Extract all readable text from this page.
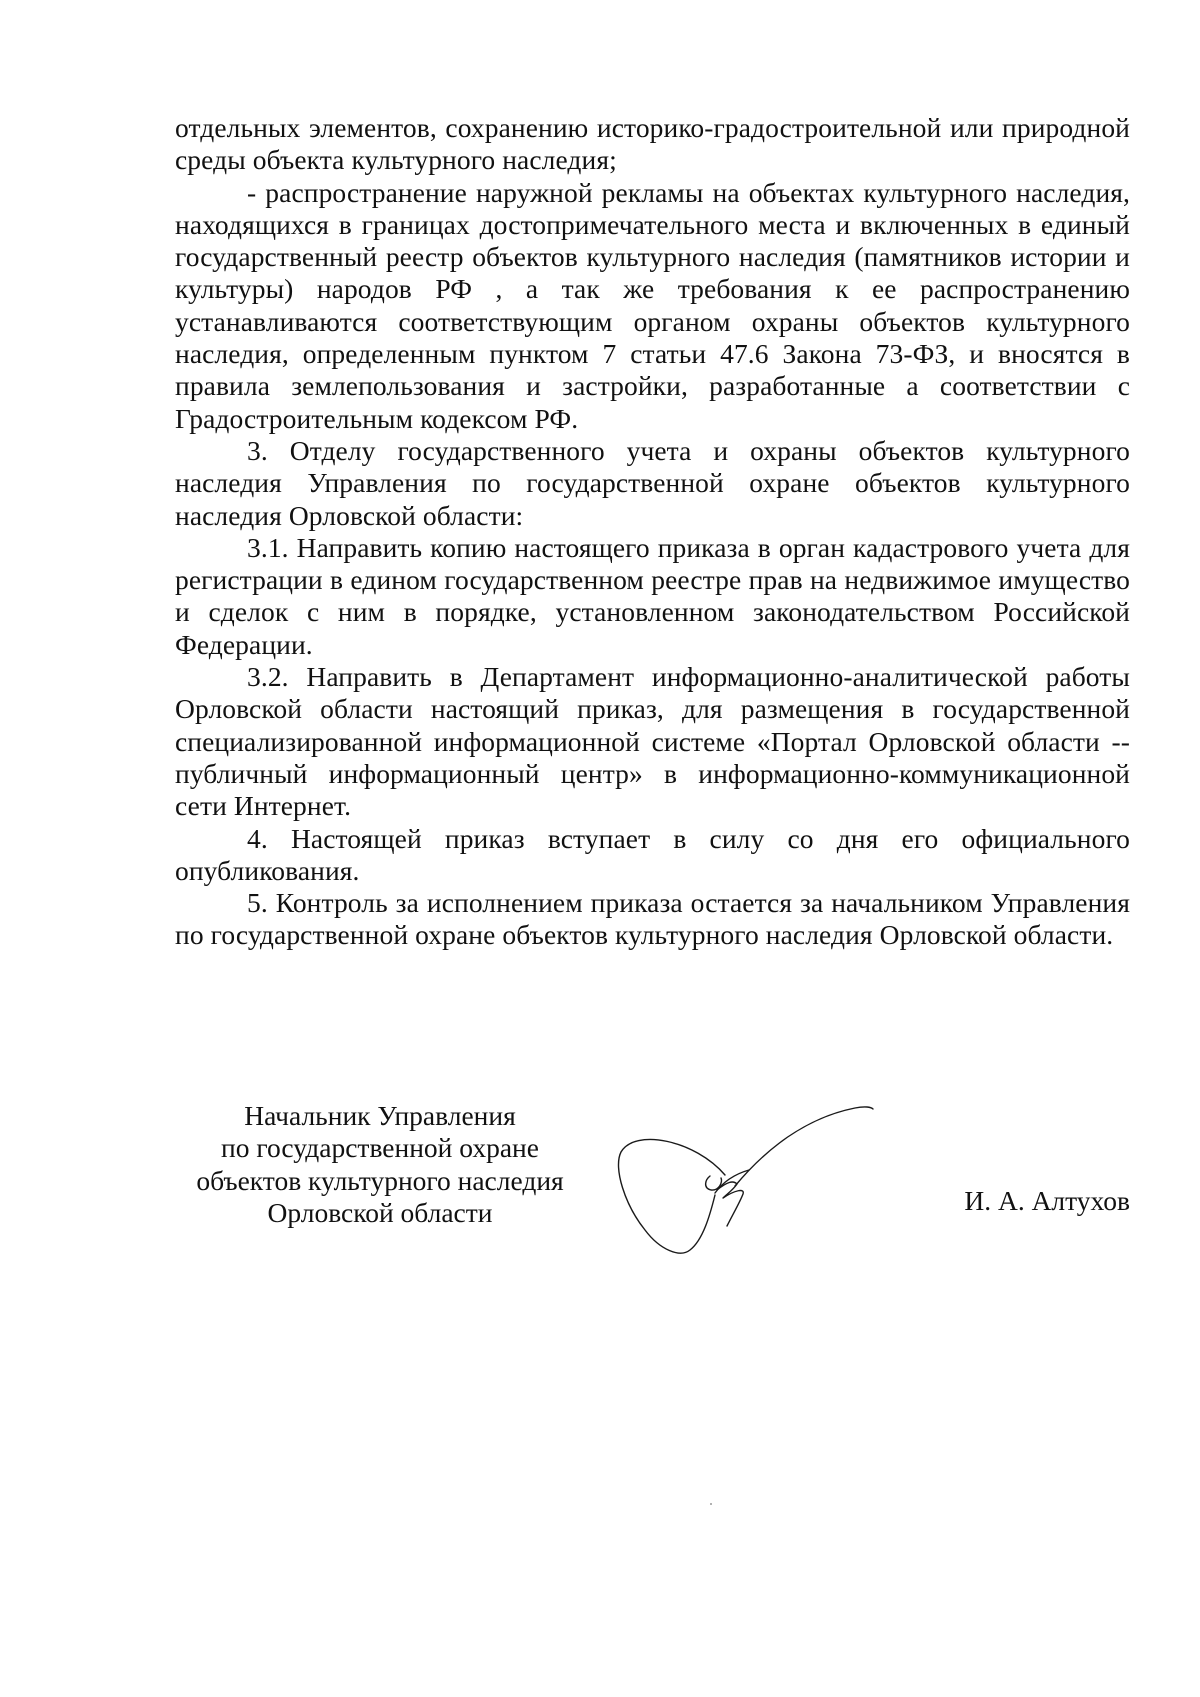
отдельных элементов, сохранению историко-градостроительной или природной среды объекта культурного наследия;

- распространение наружной рекламы на объектах культурного наследия, находящихся в границах достопримечательного места и включенных в единый государственный реестр объектов культурного наследия (памятников истории и культуры) народов РФ , а так же требования к ее распространению устанавливаются соответствующим органом охраны объектов культурного наследия, определенным пунктом 7 статьи 47.6 Закона 73-ФЗ, и вносятся в правила землепользования и застройки, разработанные а соответствии с Градостроительным кодексом РФ.

3. Отделу государственного учета и охраны объектов культурного наследия Управления по государственной охране объектов культурного наследия Орловской области:

3.1. Направить копию настоящего приказа в орган кадастрового учета для регистрации в едином государственном реестре прав на недвижимое имущество и сделок с ним в порядке, установленном законодательством Российской Федерации.

3.2. Направить в Департамент информационно-аналитической работы Орловской области настоящий приказ, для размещения в государственной специализированной информационной системе «Портал Орловской области -- публичный информационный центр» в информационно-коммуникационной сети Интернет.

4. Настоящей приказ вступает в силу со дня его официального опубликования.

5. Контроль за исполнением приказа остается за начальником Управления по государственной охране объектов культурного наследия Орловской области.

Начальник Управления
по государственной охране
объектов культурного наследия
Орловской области	И. А. Алтухов
